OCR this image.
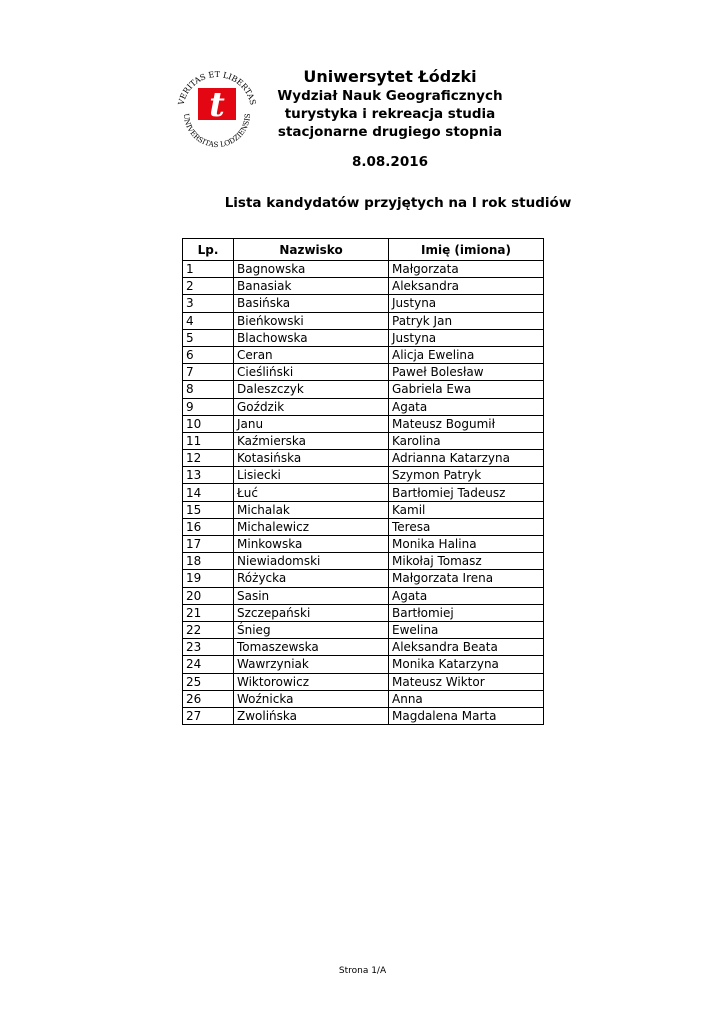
VERITAS ET LIBERTAS
UNIVERSITAS LODZIENSIS
t
Uniwersytet Łódzki
Wydział Nauk Geograficznych
turystyka i rekreacja studia
stacjonarne drugiego stopnia
8.08.2016
Lista kandydatów przyjętych na I rok studiów
Lp.	Nazwisko	Imię (imiona)
1	Bagnowska	Małgorzata
2	Banasiak	Aleksandra
3	Basińska	Justyna
4	Bieńkowski	Patryk Jan
5	Blachowska	Justyna
6	Ceran	Alicja Ewelina
7	Cieśliński	Paweł Bolesław
8	Daleszczyk	Gabriela Ewa
9	Goździk	Agata
10	Janu	Mateusz Bogumił
11	Kaźmierska	Karolina
12	Kotasińska	Adrianna Katarzyna
13	Lisiecki	Szymon Patryk
14	Łuć	Bartłomiej Tadeusz
15	Michalak	Kamil
16	Michalewicz	Teresa
17	Minkowska	Monika Halina
18	Niewiadomski	Mikołaj Tomasz
19	Różycka	Małgorzata Irena
20	Sasin	Agata
21	Szczepański	Bartłomiej
22	Śnieg	Ewelina
23	Tomaszewska	Aleksandra Beata
24	Wawrzyniak	Monika Katarzyna
25	Wiktorowicz	Mateusz Wiktor
26	Woźnicka	Anna
27	Zwolińska	Magdalena Marta
Strona 1/A
